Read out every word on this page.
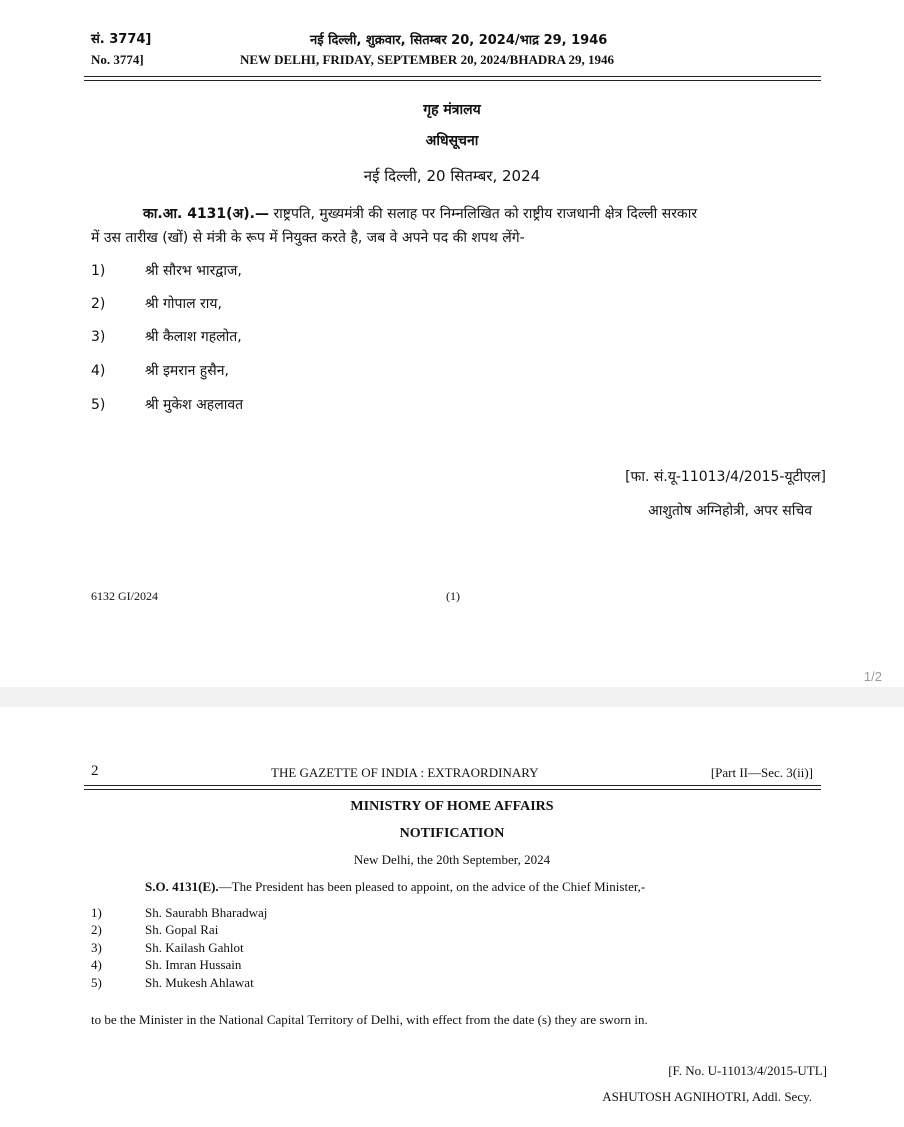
सं. 3774]
No. 3774]
नई दिल्ली, शुक्रवार, सितम्बर 20, 2024/भाद्र 29, 1946
NEW DELHI, FRIDAY, SEPTEMBER 20, 2024/BHADRA 29, 1946
गृह मंत्रालय
अधिसूचना
नई दिल्ली, 20 सितम्बर, 2024
का.आ. 4131(अ).— राष्ट्रपति, मुख्यमंत्री की सलाह पर निम्नलिखित को राष्ट्रीय राजधानी क्षेत्र दिल्ली सरकार
में उस तारीख (खों) से मंत्री के रूप में नियुक्त करते है, जब वे अपने पद की शपथ लेंगे-
1)	श्री सौरभ भारद्वाज,
2)	श्री गोपाल राय,
3)	श्री कैलाश गहलोत,
4)	श्री इमरान हुसैन,
5)	श्री मुकेश अहलावत
[फा. सं.यू-11013/4/2015-यूटीएल]
आशुतोष अग्निहोत्री, अपर सचिव
6132 GI/2024	(1)
1/2
2	THE GAZETTE OF INDIA : EXTRAORDINARY	[Part II—Sec. 3(ii)]
MINISTRY OF HOME AFFAIRS
NOTIFICATION
New Delhi, the 20th September, 2024
S.O. 4131(E).—The President has been pleased to appoint, on the advice of the Chief Minister,-
1)	Sh. Saurabh Bharadwaj
2)	Sh. Gopal Rai
3)	Sh. Kailash Gahlot
4)	Sh. Imran Hussain
5)	Sh. Mukesh Ahlawat
to be the Minister in the National Capital Territory of Delhi, with effect from the date (s) they are sworn in.
[F. No. U-11013/4/2015-UTL]
ASHUTOSH AGNIHOTRI, Addl. Secy.
